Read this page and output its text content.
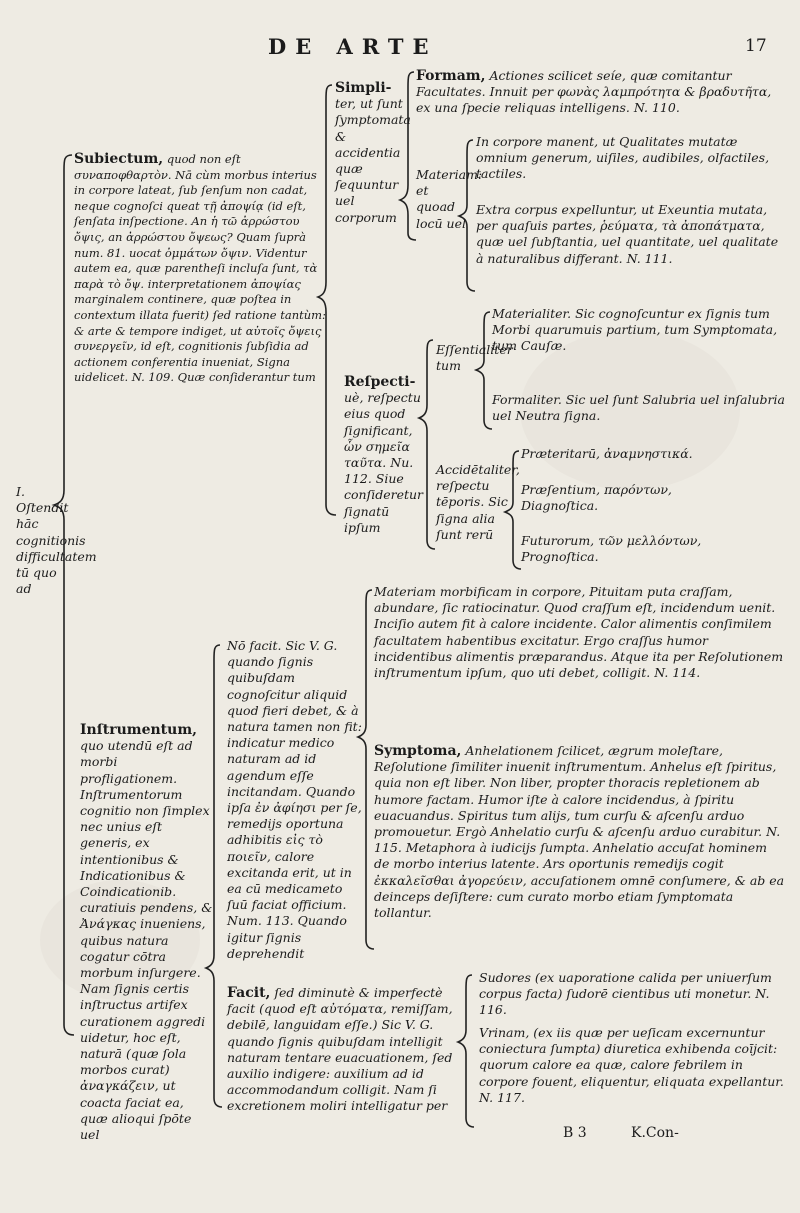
DE ARTE	17
Formam, Actiones scilicet seíe, quæ comitantur Facultates. Innuit per φωνὰς λαμπρότητα & βραδυτῆτα, ex una ſpecie reliquas intelligens. N. 110.
Simpli- ter, ut ſunt ſymptomata & accidentia quæ ſequuntur uel corporum
Materiam: et quoad locū uel
In corpore manent, ut Qualitates mutatæ omnium generum, uiſiles, audibiles, olfactiles, tactiles.
Extra corpus expelluntur, ut Exeuntia mutata, per quaſuis partes, ῥεύματα, τὰ ἀποπάτματα, quæ uel ſubſtantia, uel quantitate, uel qualitate à naturalibus differant. N. 111.
Subiectum, quod non eſt συναποφθαρτὸν. Nā cùm morbus interius in corpore lateat, ſub ſenſum non cadat, neque cognoſci queat τῇ ἀποψίᾳ (id eſt, ſenſata inſpectione. An ἡ τῶ ἀρρώστου ὄψις, an ἀρρώστου ὄψεως? Quam ſuprà num. 81. uocat ὀμμάτων ὄψιν. Videntur autem ea, quæ parentheſi incluſa ſunt, τὰ παρὰ τὸ ὄψ. interpretationem ἀποψίας marginalem continere, quæ poſtea in contextum illata fuerit) ſed ratione tantùm: & arte & tempore indiget, ut αὐτοῖς ὄψεις συνεργεῖν, id eſt, cognitionis ſubſidia ad actionem conferentia inueniat, Signa uidelicet. N. 109. Quæ conſiderantur tum	Reſpecti- uè, reſpectu eius quod ſignificant, ὧν σημεῖα ταῦτα. Nu. 112. Siue conſideretur ſignatū ipſum
Eſſentialiter tum
Materialiter. Sic cognoſcuntur ex ſignis tum Morbi quarumuis partium, tum Symptomata, tum Cauſæ.
Formaliter. Sic uel ſunt Salubria uel inſalubria uel Neutra ſigna.
Accidētaliter, reſpectu tēporis. Sic ſigna alia ſunt rerū
Præteritarū, ἀναμνηστικά.
Præſentium, παρόντων, Diagnoſtica.
Futurorum, τῶν μελλόντων, Prognoſtica.
I. Oſtendit hāc cognitionis difficultatem tū quo ad	Materiam morbificam in corpore, Pituitam puta craſſam, abundare, ſic ratiocinatur. Quod craſſum eſt, incidendum uenit. Inciſio autem fit à calore incidente. Calor alimentis conſimilem facultatem habentibus excitatur. Ergo craſſus humor incidentibus alimentis præparandus. Atque ita per Reſolutionem inſtrumentum ipſum, quo uti debet, colligit. N. 114.
Nō facit. Sic V. G. quando ſignis quibuſdam cognoſcitur aliquid quod fieri debet, & à natura tamen non fit: indicatur medico naturam ad id agendum eſſe incitandam. Quando ipſa ἐν ἀφίησι per ſe, remedijs oportuna adhibitis εἰς τὸ ποιεῖν, calore excitanda erit, ut in ea cū medicameto ſuū faciat officium. Num. 113. Quando igitur ſignis deprehendit
Inſtrumentum, quo utendū eſt ad morbi profligationem. Inſtrumentorum cognitio non ſimplex nec unius eſt generis, ex intentionibus & Indicationibus & Coindicationib. curatiuis pendens, & Ἀνάγκας inueniens, quibus natura cogatur cōtra morbum inſurgere. Nam ſignis certis inſtructus artifex curationem aggredi uidetur, hoc eſt, naturā (quæ ſola morbos curat) ἀναγκάζειν, ut coacta faciat ea, quæ alioqui ſpōte uel
Symptoma, Anhelationem ſcilicet, ægrum moleſtare, Reſolutione ſimiliter inuenit inſtrumentum. Anhelus eſt ſpiritus, quia non eſt liber. Non liber, propter thoracis repletionem ab humore factam. Humor iſte à calore incidendus, à ſpiritu euacuandus. Spiritus tum alijs, tum curſu & aſcenſu arduo promouetur. Ergò Anhelatio curſu & aſcenſu arduo curabitur. N. 115. Metaphora à iudicijs ſumpta. Anhelatio accuſat hominem de morbo interius latente. Ars oportunis remedijs cogit ἐκκαλεῖσθαι ἀγορεύειν, accuſationem omnē conſumere, & ab ea deinceps deſiſtere: cum curato morbo etiam ſymptomata tollantur.
Facit, ſed diminutè & imperfectè facit (quod eſt αὐτόματα, remiſſam, debilē, languidam eſſe.) Sic V. G. quando ſignis quibuſdam intelligit naturam tentare euacuationem, ſed auxilio indigere: auxilium ad id accommodandum colligit. Nam ſi excretionem moliri intelligatur per
Sudores (ex uaporatione calida per uniuerſum corpus facta) ſudorē cientibus uti monetur. N. 116.
Vrinam, (ex iis quæ per ueſicam excernuntur coniectura ſumpta) diuretica exhibenda coījcit: quorum calore ea quæ, calore febrilem in corpore fouent, eliquentur, eliquata expellantur. N. 117.
B 3	K.Con-
